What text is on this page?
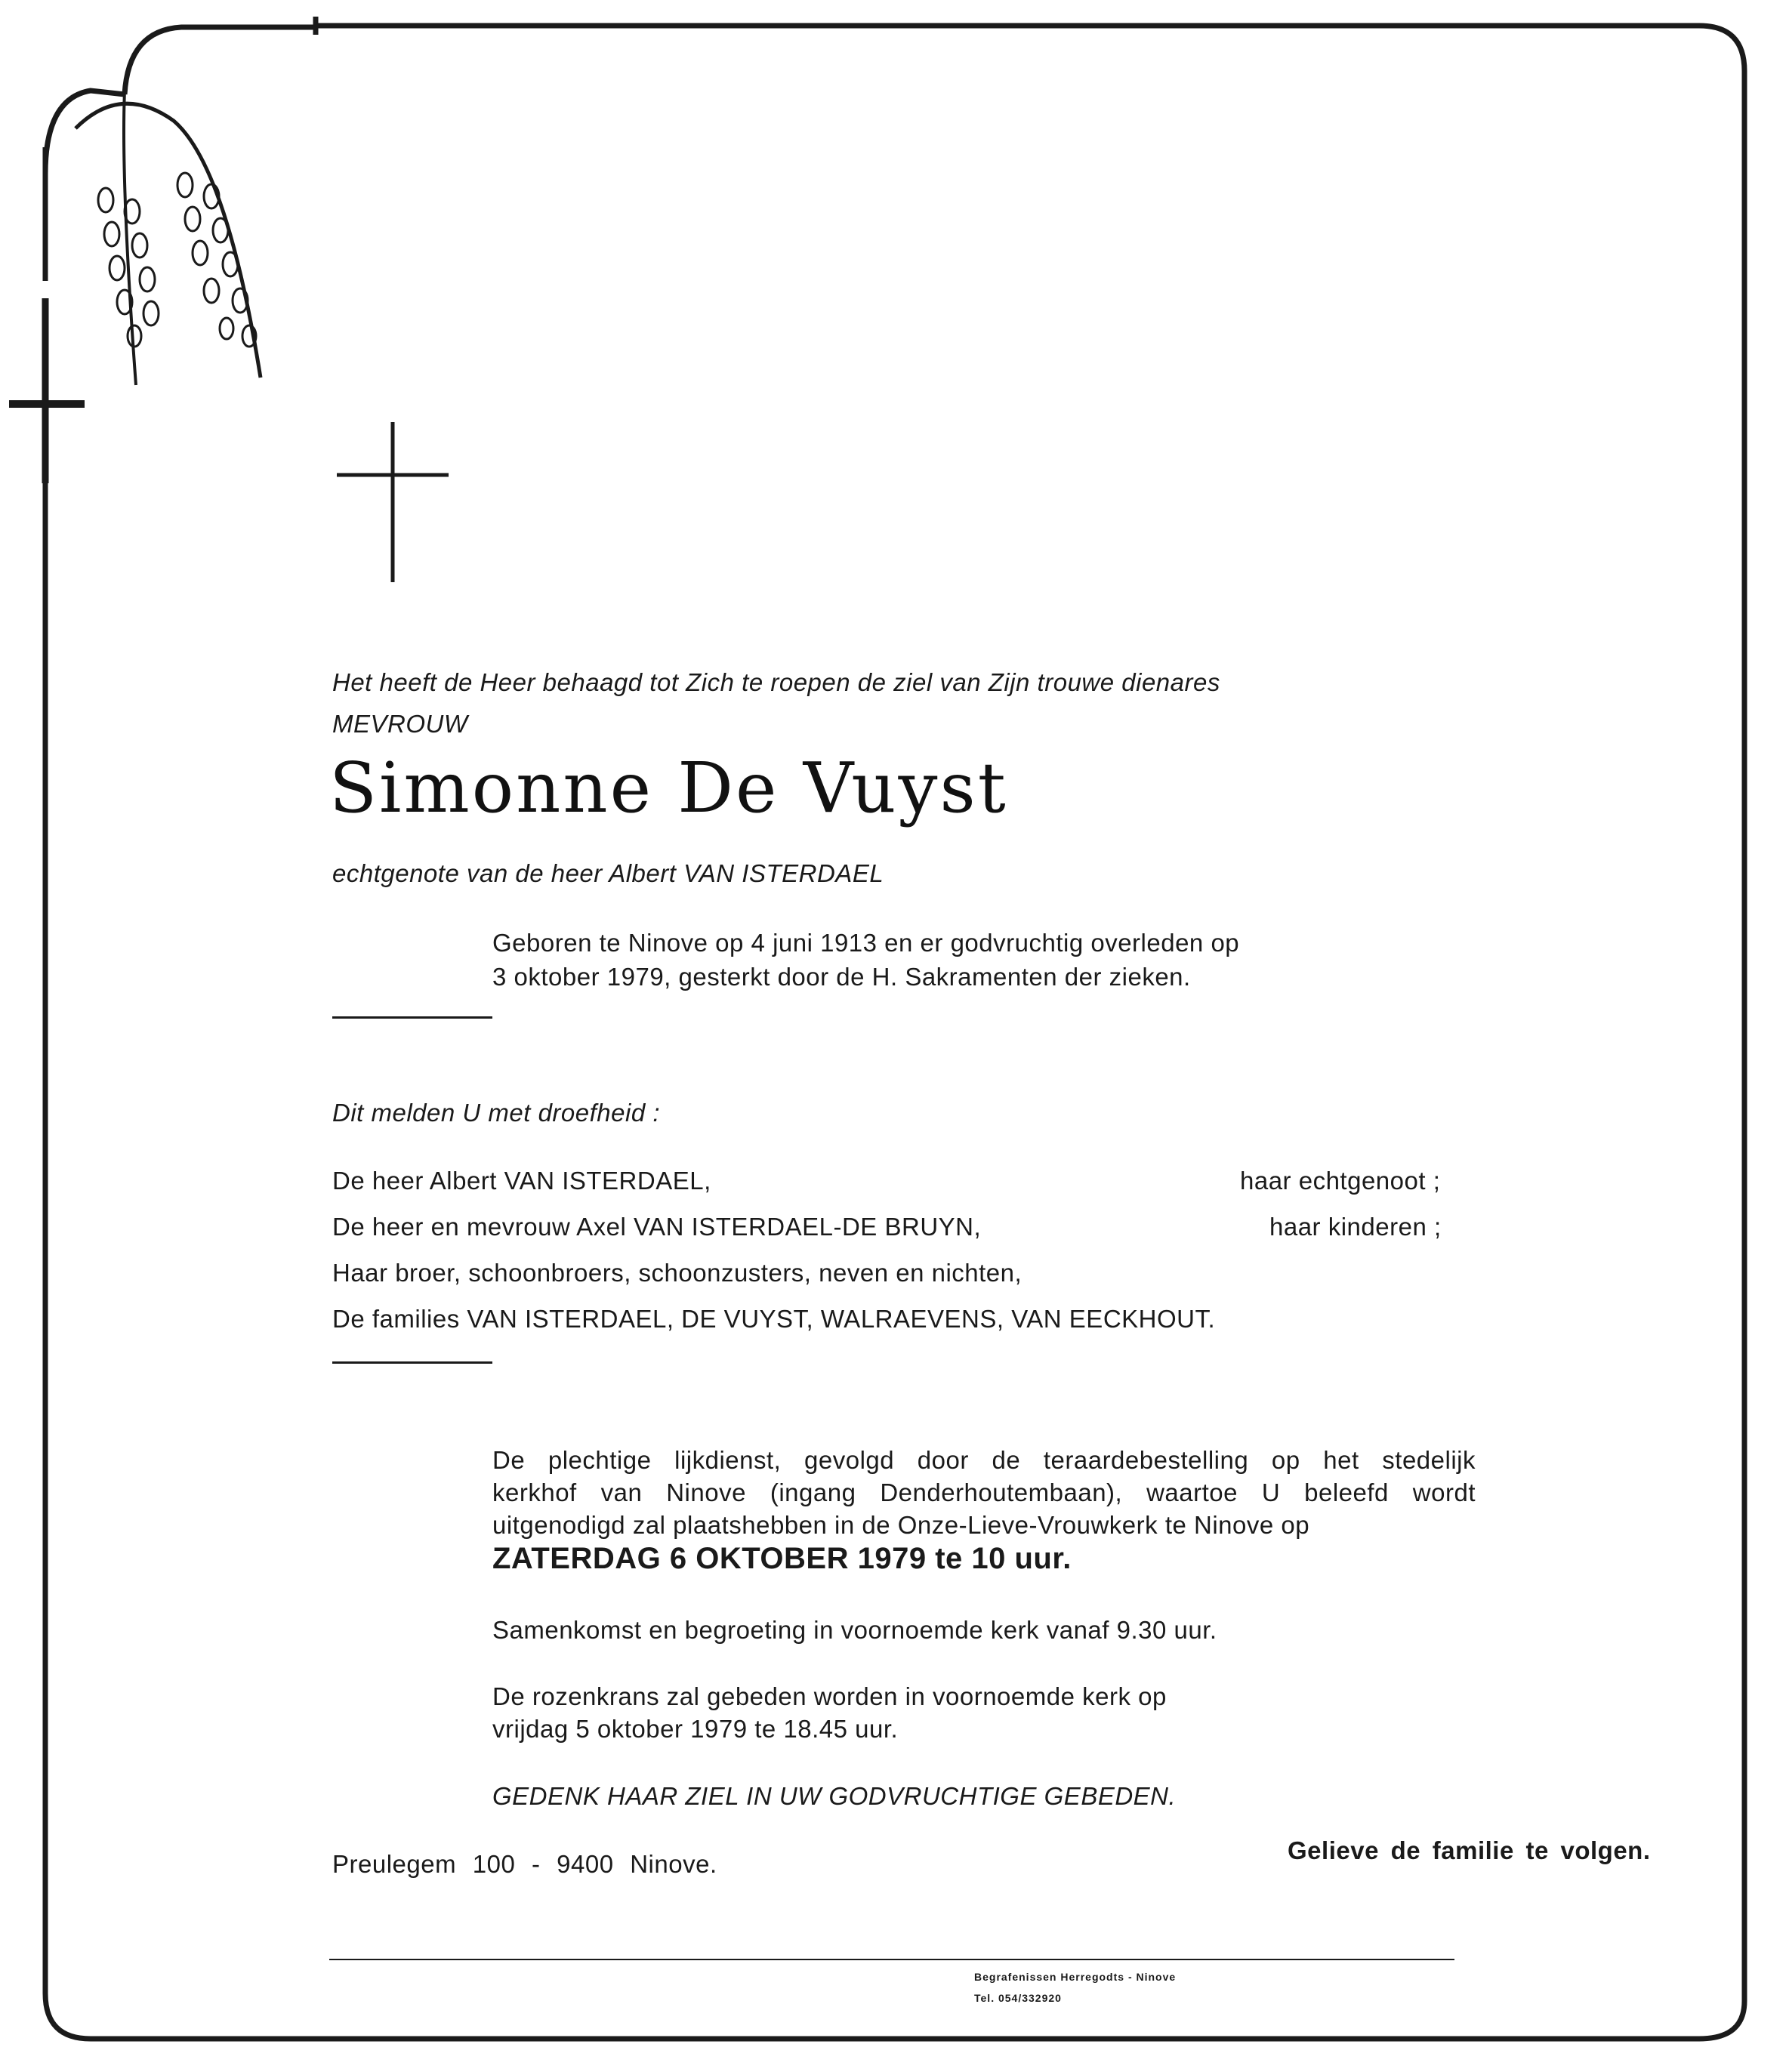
Het heeft de Heer behaagd tot Zich te roepen de ziel van Zijn trouwe dienares
MEVROUW
Simonne De Vuyst
echtgenote van de heer Albert VAN ISTERDAEL
Geboren te Ninove op 4 juni 1913 en er godvruchtig overleden op
3 oktober 1979, gesterkt door de H. Sakramenten der zieken.
Dit melden U met droefheid :
De heer Albert VAN ISTERDAEL,	haar echtgenoot ;
De heer en mevrouw Axel VAN ISTERDAEL-DE BRUYN,	haar kinderen ;
Haar broer, schoonbroers, schoonzusters, neven en nichten,
De families VAN ISTERDAEL, DE VUYST, WALRAEVENS, VAN EECKHOUT.
De plechtige lijkdienst, gevolgd door de teraardebestelling op het stedelijk
kerkhof van Ninove (ingang Denderhoutembaan), waartoe U beleefd wordt
uitgenodigd zal plaatshebben in de Onze-Lieve-Vrouwkerk te Ninove op
ZATERDAG 6 OKTOBER 1979 te 10 uur.
Samenkomst en begroeting in voornoemde kerk vanaf 9.30 uur.
De rozenkrans zal gebeden worden in voornoemde kerk op
vrijdag 5 oktober 1979 te 18.45 uur.
GEDENK HAAR ZIEL IN UW GODVRUCHTIGE GEBEDEN.
Preulegem 100 - 9400 Ninove.	Gelieve de familie te volgen.
Begrafenissen Herregodts - Ninove
Tel. 054/332920
